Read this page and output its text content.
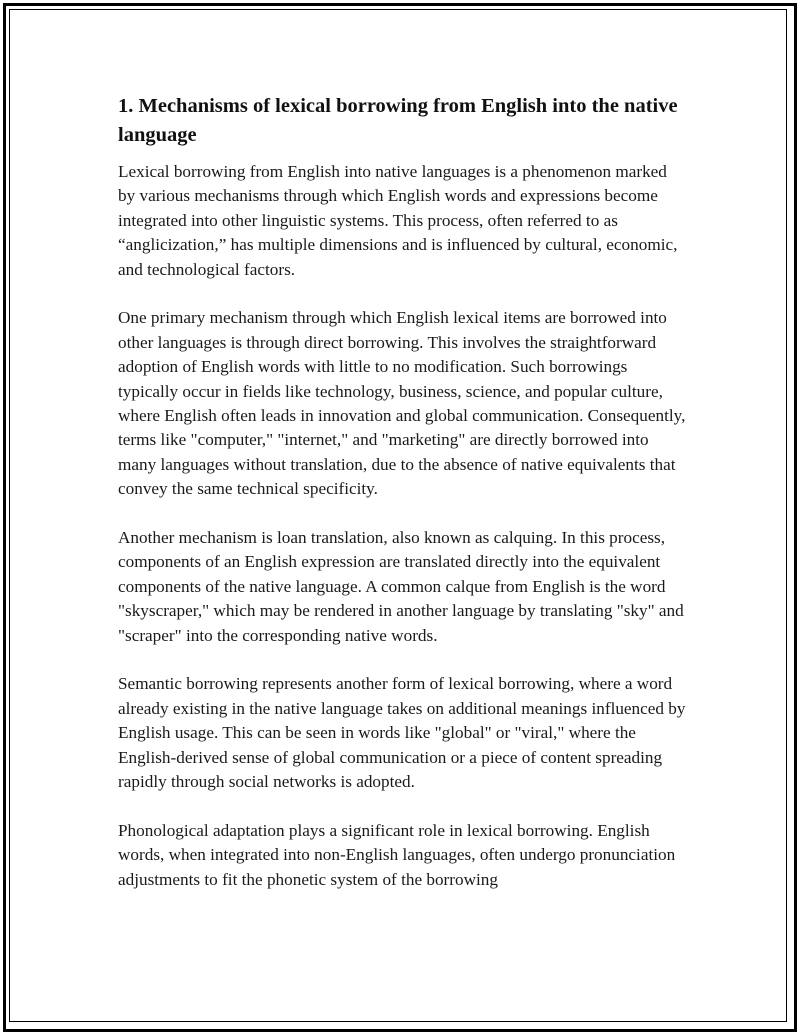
1. Mechanisms of lexical borrowing from English into the native language

Lexical borrowing from English into native languages is a phenomenon marked by various mechanisms through which English words and expressions become integrated into other linguistic systems. This process, often referred to as “anglicization,” has multiple dimensions and is influenced by cultural, economic, and technological factors.

One primary mechanism through which English lexical items are borrowed into other languages is through direct borrowing. This involves the straightforward adoption of English words with little to no modification. Such borrowings typically occur in fields like technology, business, science, and popular culture, where English often leads in innovation and global communication. Consequently, terms like "computer," "internet," and "marketing" are directly borrowed into many languages without translation, due to the absence of native equivalents that convey the same technical specificity.

Another mechanism is loan translation, also known as calquing. In this process, components of an English expression are translated directly into the equivalent components of the native language. A common calque from English is the word "skyscraper," which may be rendered in another language by translating "sky" and "scraper" into the corresponding native words.

Semantic borrowing represents another form of lexical borrowing, where a word already existing in the native language takes on additional meanings influenced by English usage. This can be seen in words like "global" or "viral," where the English-derived sense of global communication or a piece of content spreading rapidly through social networks is adopted.

Phonological adaptation plays a significant role in lexical borrowing. English words, when integrated into non-English languages, often undergo pronunciation adjustments to fit the phonetic system of the borrowing
